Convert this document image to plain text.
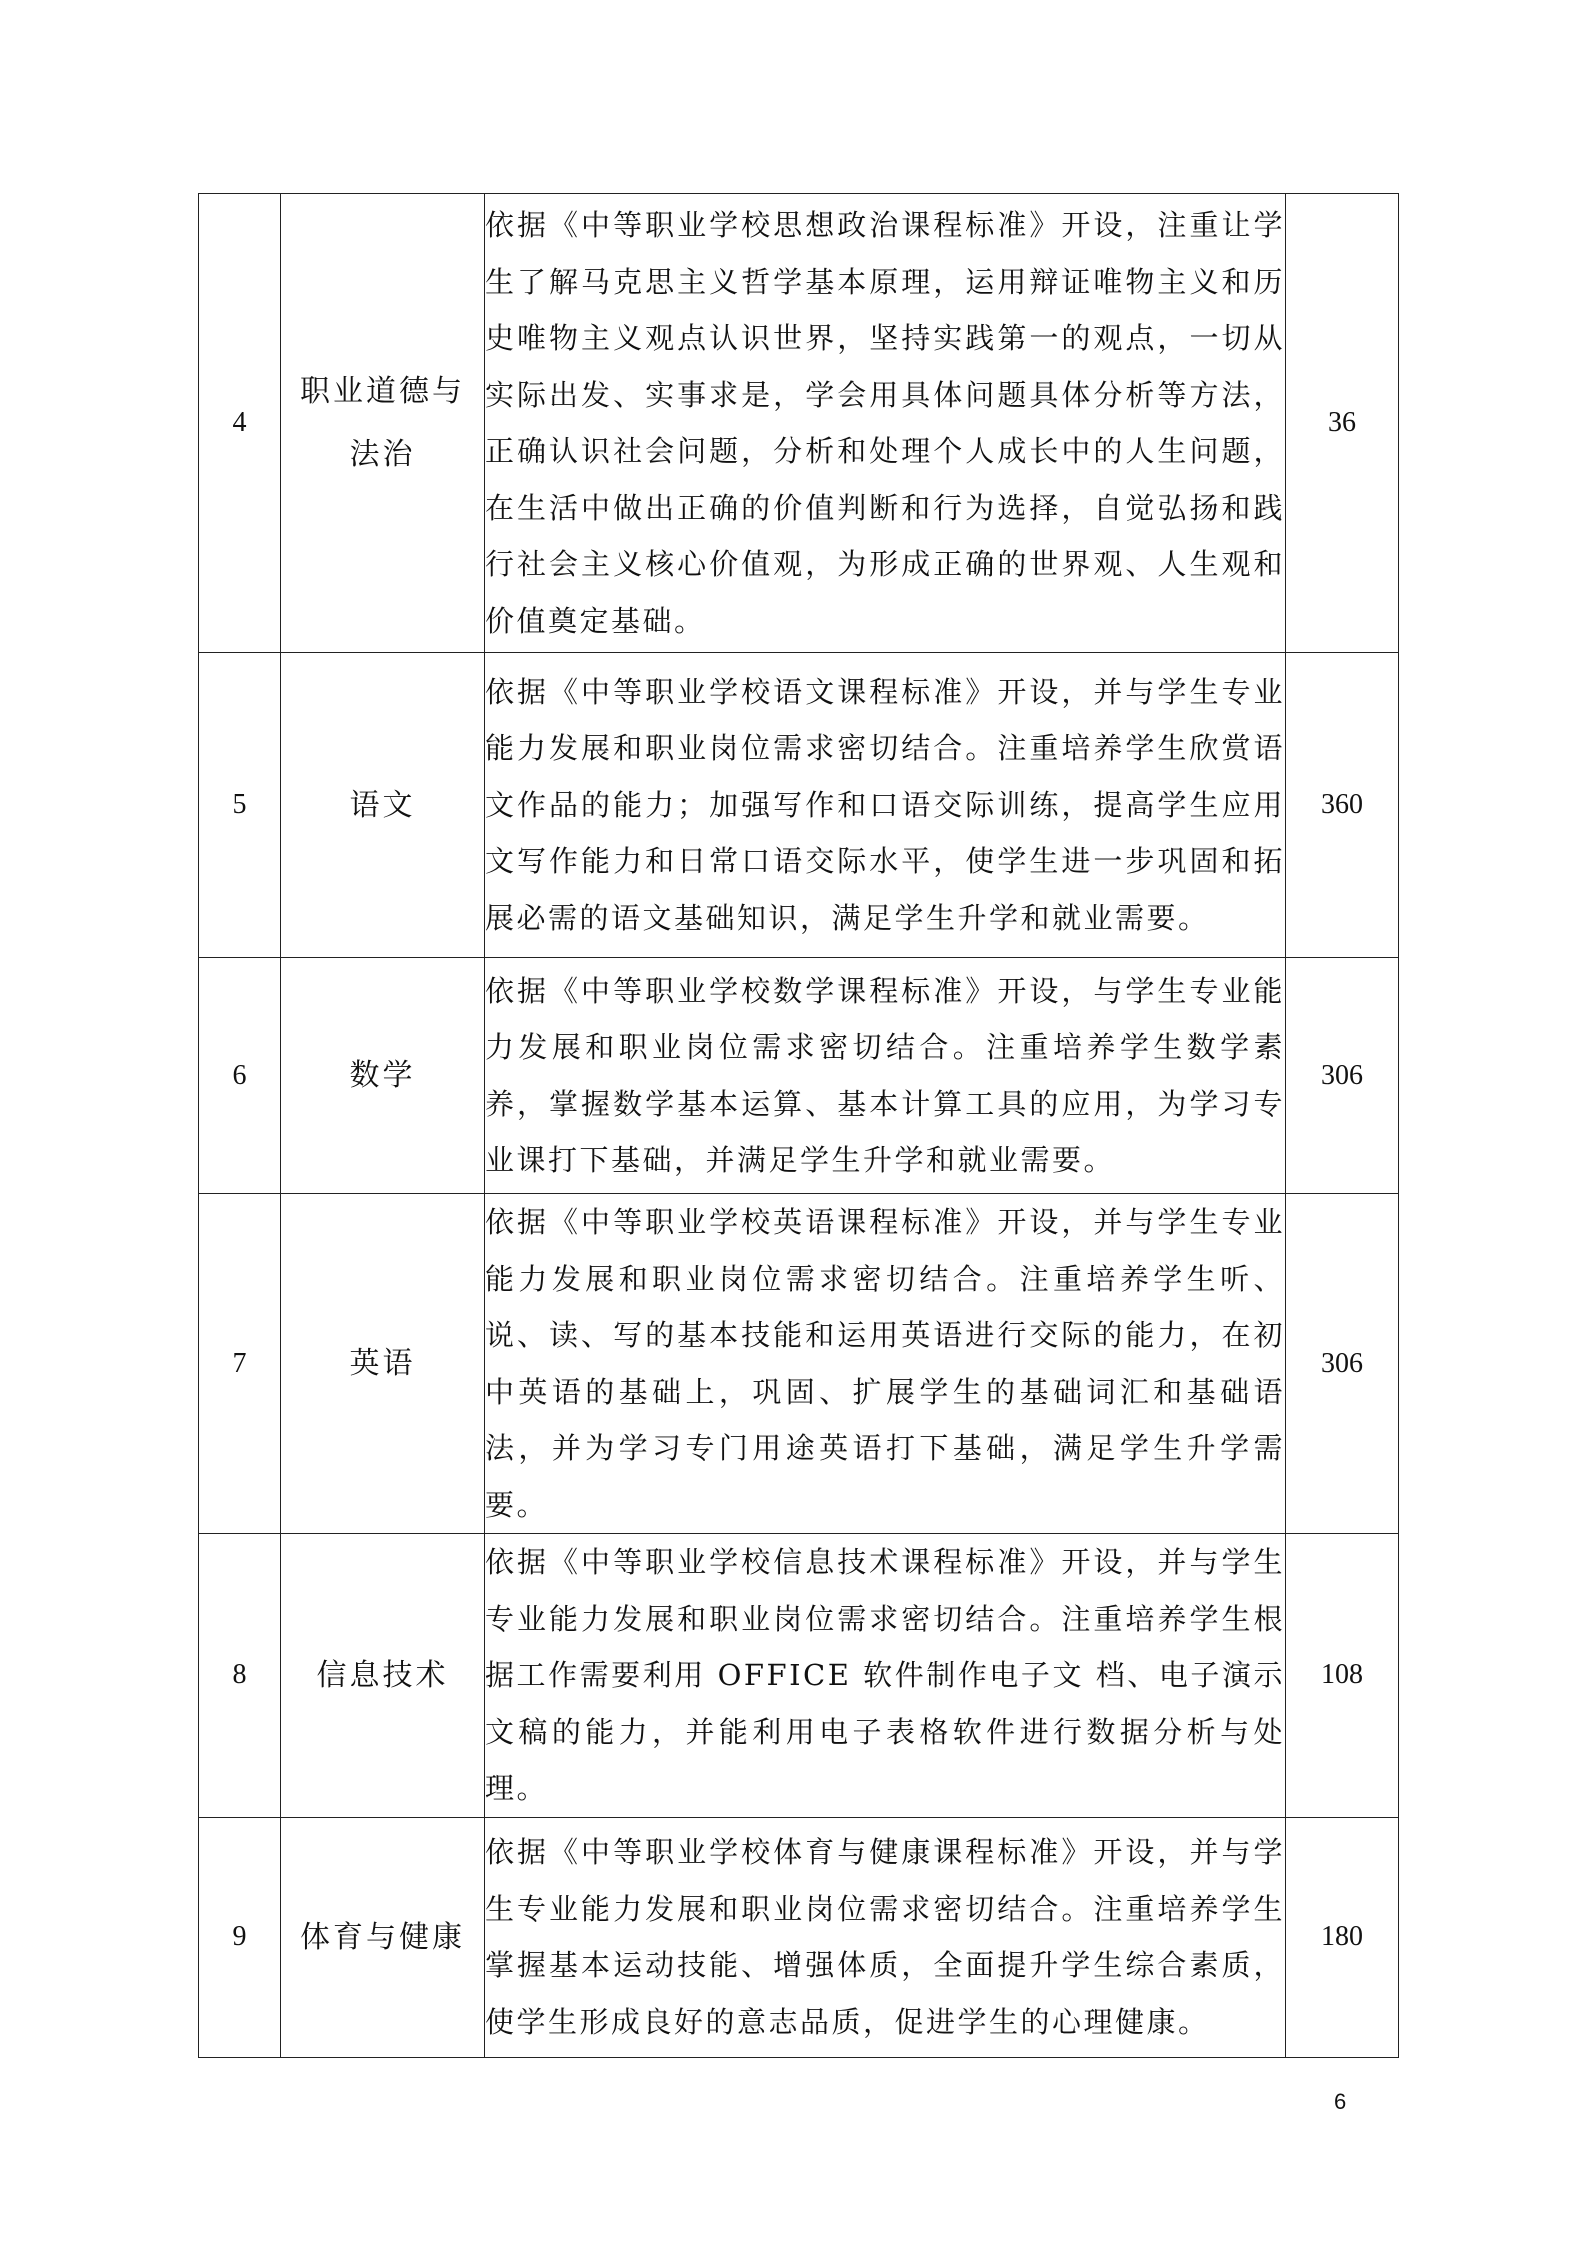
4	职业道德与法治	依据《中等职业学校思想政治课程标准》开设，注重让学生了解马克思主义哲学基本原理，运用辩证唯物主义和历史唯物主义观点认识世界，坚持实践第一的观点，一切从实际出发、实事求是，学会用具体问题具体分析等方法，正确认识社会问题，分析和处理个人成长中的人生问题，在生活中做出正确的价值判断和行为选择，自觉弘扬和践行社会主义核心价值观，为形成正确的世界观、人生观和价值奠定基础。	36
5	语文	依据《中等职业学校语文课程标准》开设，并与学生专业能力发展和职业岗位需求密切结合。注重培养学生欣赏语文作品的能力；加强写作和口语交际训练，提高学生应用文写作能力和日常口语交际水平，使学生进一步巩固和拓展必需的语文基础知识，满足学生升学和就业需要。	360
6	数学	依据《中等职业学校数学课程标准》开设，与学生专业能力发展和职业岗位需求密切结合。注重培养学生数学素养，掌握数学基本运算、基本计算工具的应用，为学习专业课打下基础，并满足学生升学和就业需要。	306
7	英语	依据《中等职业学校英语课程标准》开设，并与学生专业能力发展和职业岗位需求密切结合。注重培养学生听、说、读、写的基本技能和运用英语进行交际的能力，在初中英语的基础上，巩固、扩展学生的基础词汇和基础语法，并为学习专门用途英语打下基础，满足学生升学需要。	306
8	信息技术	依据《中等职业学校信息技术课程标准》开设，并与学生专业能力发展和职业岗位需求密切结合。注重培养学生根据工作需要利用 OFFICE 软件制作电子文 档、电子演示文稿的能力，并能利用电子表格软件进行数据分析与处理。	108
9	体育与健康	依据《中等职业学校体育与健康课程标准》开设，并与学生专业能力发展和职业岗位需求密切结合。注重培养学生掌握基本运动技能、增强体质，全面提升学生综合素质，使学生形成良好的意志品质，促进学生的心理健康。	180
6
